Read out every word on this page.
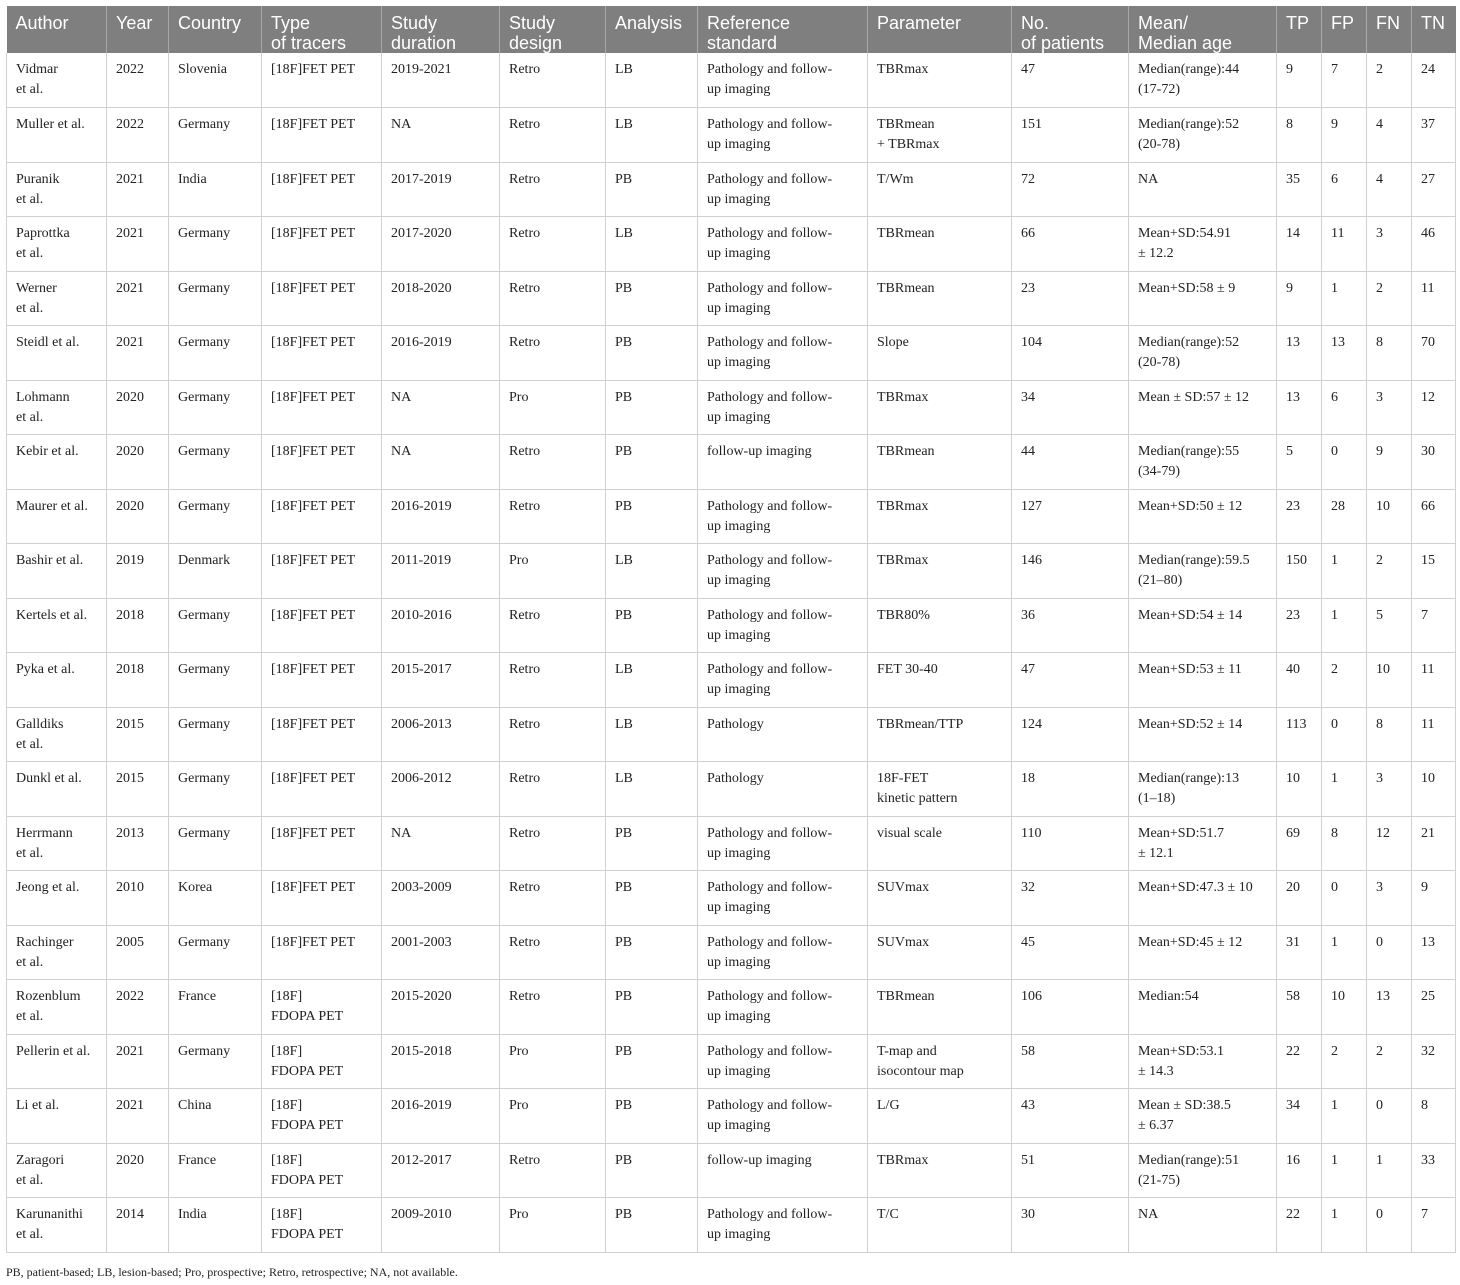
Author	Year	Country	Type
of tracers	Study
duration	Study
design	Analysis	Reference
standard	Parameter	No.
of patients	Mean/
Median age	TP	FP	FN	TN
Vidmar
et al.	2022	Slovenia	[18F]FET PET	2019-2021	Retro	LB	Pathology and follow-
up imaging	TBRmax	47	Median(range):44
(17-72)	9	7	2	24
Muller et al.	2022	Germany	[18F]FET PET	NA	Retro	LB	Pathology and follow-
up imaging	TBRmean
+ TBRmax	151	Median(range):52
(20-78)	8	9	4	37
Puranik
et al.	2021	India	[18F]FET PET	2017-2019	Retro	PB	Pathology and follow-
up imaging	T/Wm	72	NA	35	6	4	27
Paprottka
et al.	2021	Germany	[18F]FET PET	2017-2020	Retro	LB	Pathology and follow-
up imaging	TBRmean	66	Mean+SD:54.91
± 12.2	14	11	3	46
Werner
et al.	2021	Germany	[18F]FET PET	2018-2020	Retro	PB	Pathology and follow-
up imaging	TBRmean	23	Mean+SD:58 ± 9	9	1	2	11
Steidl et al.	2021	Germany	[18F]FET PET	2016-2019	Retro	PB	Pathology and follow-
up imaging	Slope	104	Median(range):52
(20-78)	13	13	8	70
Lohmann
et al.	2020	Germany	[18F]FET PET	NA	Pro	PB	Pathology and follow-
up imaging	TBRmax	34	Mean ± SD:57 ± 12	13	6	3	12
Kebir et al.	2020	Germany	[18F]FET PET	NA	Retro	PB	follow-up imaging	TBRmean	44	Median(range):55
(34-79)	5	0	9	30
Maurer et al.	2020	Germany	[18F]FET PET	2016-2019	Retro	PB	Pathology and follow-
up imaging	TBRmax	127	Mean+SD:50 ± 12	23	28	10	66
Bashir et al.	2019	Denmark	[18F]FET PET	2011-2019	Pro	LB	Pathology and follow-
up imaging	TBRmax	146	Median(range):59.5
(21–80)	150	1	2	15
Kertels et al.	2018	Germany	[18F]FET PET	2010-2016	Retro	PB	Pathology and follow-
up imaging	TBR80%	36	Mean+SD:54 ± 14	23	1	5	7
Pyka et al.	2018	Germany	[18F]FET PET	2015-2017	Retro	LB	Pathology and follow-
up imaging	FET 30-40	47	Mean+SD:53 ± 11	40	2	10	11
Galldiks
et al.	2015	Germany	[18F]FET PET	2006-2013	Retro	LB	Pathology	TBRmean/TTP	124	Mean+SD:52 ± 14	113	0	8	11
Dunkl et al.	2015	Germany	[18F]FET PET	2006-2012	Retro	LB	Pathology	18F-FET
kinetic pattern	18	Median(range):13
(1–18)	10	1	3	10
Herrmann
et al.	2013	Germany	[18F]FET PET	NA	Retro	PB	Pathology and follow-
up imaging	visual scale	110	Mean+SD:51.7
± 12.1	69	8	12	21
Jeong et al.	2010	Korea	[18F]FET PET	2003-2009	Retro	PB	Pathology and follow-
up imaging	SUVmax	32	Mean+SD:47.3 ± 10	20	0	3	9
Rachinger
et al.	2005	Germany	[18F]FET PET	2001-2003	Retro	PB	Pathology and follow-
up imaging	SUVmax	45	Mean+SD:45 ± 12	31	1	0	13
Rozenblum
et al.	2022	France	[18F]
FDOPA PET	2015-2020	Retro	PB	Pathology and follow-
up imaging	TBRmean	106	Median:54	58	10	13	25
Pellerin et al.	2021	Germany	[18F]
FDOPA PET	2015-2018	Pro	PB	Pathology and follow-
up imaging	T-map and
isocontour map	58	Mean+SD:53.1
± 14.3	22	2	2	32
Li et al.	2021	China	[18F]
FDOPA PET	2016-2019	Pro	PB	Pathology and follow-
up imaging	L/G	43	Mean ± SD:38.5
± 6.37	34	1	0	8
Zaragori
et al.	2020	France	[18F]
FDOPA PET	2012-2017	Retro	PB	follow-up imaging	TBRmax	51	Median(range):51
(21-75)	16	1	1	33
Karunanithi
et al.	2014	India	[18F]
FDOPA PET	2009-2010	Pro	PB	Pathology and follow-
up imaging	T/C	30	NA	22	1	0	7
PB, patient-based; LB, lesion-based; Pro, prospective; Retro, retrospective; NA, not available.
